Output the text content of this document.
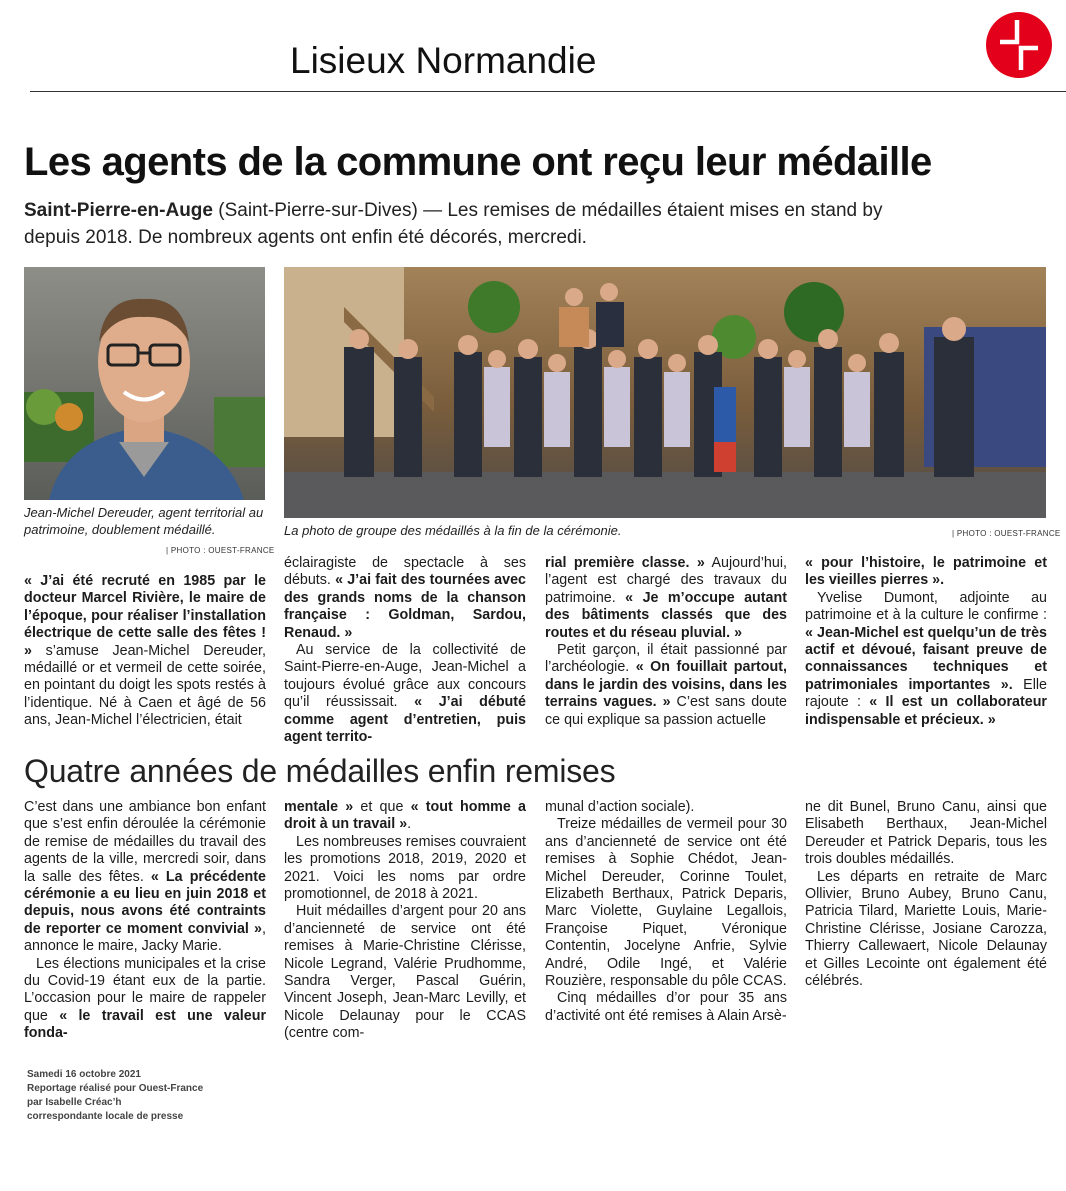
Lisieux Normandie
Les agents de la commune ont reçu leur médaille
Saint-Pierre-en-Auge (Saint-Pierre-sur-Dives) — Les remises de médailles étaient mises en stand by depuis 2018. De nombreux agents ont enfin été décorés, mercredi.
Jean-Michel Dereuder, agent territorial au patrimoine, doublement médaillé.
| PHOTO : OUEST-FRANCE
La photo de groupe des médaillés à la fin de la cérémonie.	| PHOTO : OUEST-FRANCE

« J’ai été recruté en 1985 par le docteur Marcel Rivière, le maire de l’époque, pour réaliser l’installation électrique de cette salle des fêtes ! » s’amuse Jean-Michel Dereuder, médaillé or et vermeil de cette soirée, en pointant du doigt les spots restés à l’identique. Né à Caen et âgé de 56 ans, Jean-Michel l’électricien, était

éclairagiste de spectacle à ses débuts. « J’ai fait des tournées avec des grands noms de la chanson française : Goldman, Sardou, Renaud. »

Au service de la collectivité de Saint-Pierre-en-Auge, Jean-Michel a toujours évolué grâce aux concours qu’il réussissait. « J’ai débuté comme agent d’entretien, puis agent territo-

rial première classe. » Aujourd’hui, l’agent est chargé des travaux du patrimoine. « Je m’occupe autant des bâtiments classés que des routes et du réseau pluvial. »

Petit garçon, il était passionné par l’archéologie. « On fouillait partout, dans le jardin des voisins, dans les terrains vagues. » C’est sans doute ce qui explique sa passion actuelle

« pour l’histoire, le patrimoine et les vieilles pierres ».

Yvelise Dumont, adjointe au patrimoine et à la culture le confirme : « Jean-Michel est quelqu’un de très actif et dévoué, faisant preuve de connaissances techniques et patrimoniales importantes ». Elle rajoute : « Il est un collaborateur indispensable et précieux. »

Quatre années de médailles enfin remises

C’est dans une ambiance bon enfant que s’est enfin déroulée la cérémonie de remise de médailles du travail des agents de la ville, mercredi soir, dans la salle des fêtes. « La précédente cérémonie a eu lieu en juin 2018 et depuis, nous avons été contraints de reporter ce moment convivial », annonce le maire, Jacky Marie.

Les élections municipales et la crise du Covid-19 étant eux de la partie. L’occasion pour le maire de rappeler que « le travail est une valeur fonda-

mentale » et que « tout homme a droit à un travail ».

Les nombreuses remises couvraient les promotions 2018, 2019, 2020 et 2021. Voici les noms par ordre promotionnel, de 2018 à 2021.

Huit médailles d’argent pour 20 ans d’ancienneté de service ont été remises à Marie-Christine Clérisse, Nicole Legrand, Valérie Prudhomme, Sandra Verger, Pascal Guérin, Vincent Joseph, Jean-Marc Levilly, et Nicole Delaunay pour le CCAS (centre com-

munal d’action sociale).

Treize médailles de vermeil pour 30 ans d’ancienneté de service ont été remises à Sophie Chédot, Jean-Michel Dereuder, Corinne Toulet, Elizabeth Berthaux, Patrick Deparis, Marc Violette, Guylaine Legallois, Françoise Piquet, Véronique Contentin, Jocelyne Anfrie, Sylvie André, Odile Ingé, et Valérie Rouzière, responsable du pôle CCAS.

Cinq médailles d’or pour 35 ans d’activité ont été remises à Alain Arsè-

ne dit Bunel, Bruno Canu, ainsi que Elisabeth Berthaux, Jean-Michel Dereuder et Patrick Deparis, tous les trois doubles médaillés.

Les départs en retraite de Marc Ollivier, Bruno Aubey, Bruno Canu, Patricia Tilard, Mariette Louis, Marie-Christine Clérisse, Josiane Carozza, Thierry Callewaert, Nicole Delaunay et Gilles Lecointe ont également été célébrés.

Samedi 16 octobre 2021
Reportage réalisé pour Ouest-France
par Isabelle Créac’h
correspondante locale de presse
